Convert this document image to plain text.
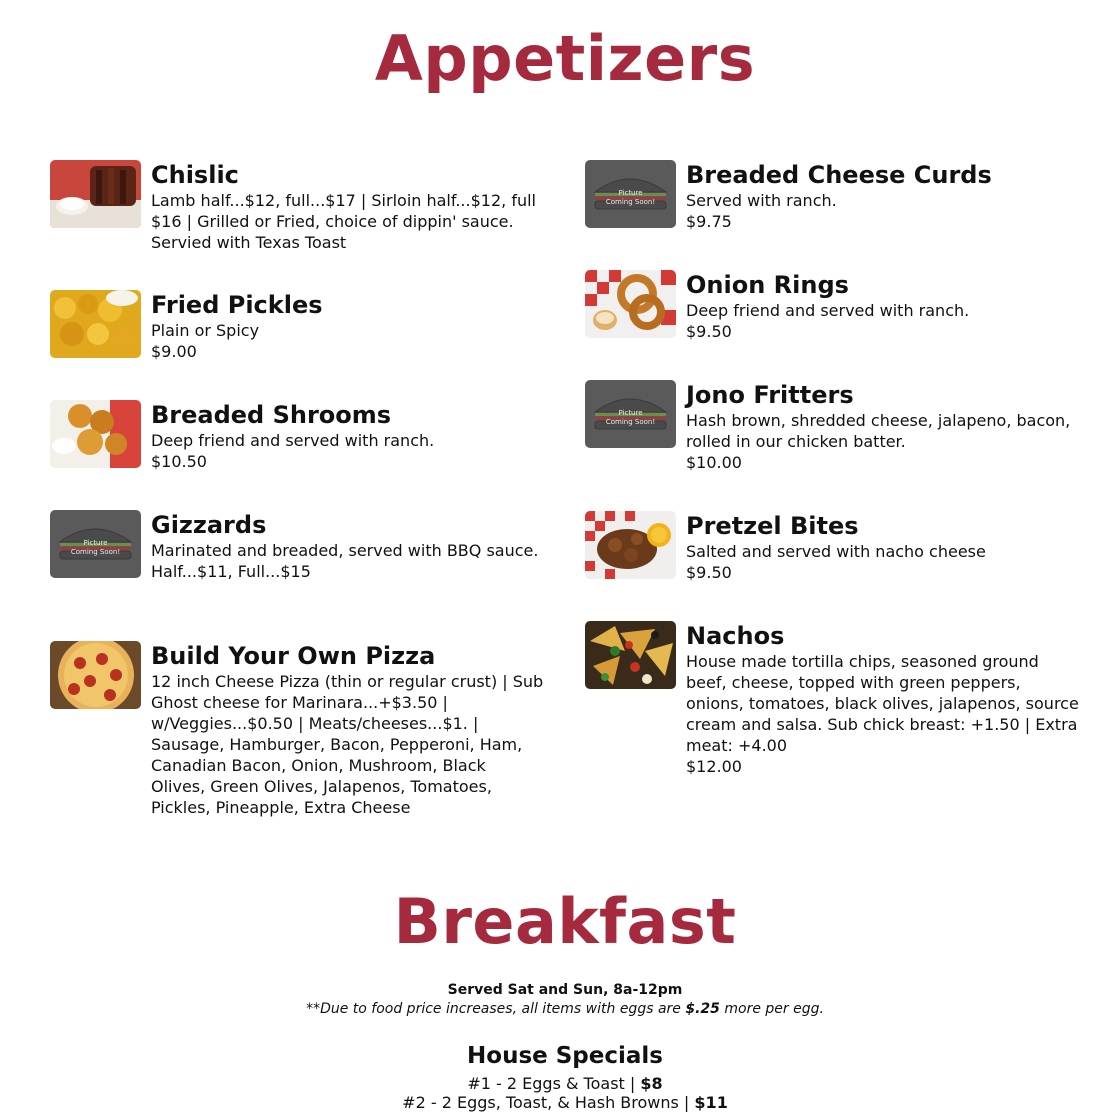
Appetizers

Chislic

Lamb half...$12, full...$17 | Sirloin half...$12, full $16 | Grilled or Fried, choice of dippin' sauce. Servied with Texas Toast

Fried Pickles

Plain or Spicy

$9.00

Breaded Shrooms

Deep friend and served with ranch.

$10.50

Picture
Coming Soon!

Gizzards

Marinated and breaded, served with BBQ sauce. Half...$11, Full...$15

Build Your Own Pizza

12 inch Cheese Pizza (thin or regular crust) | Sub Ghost cheese for Marinara...+$3.50 | w/Veggies...$0.50 | Meats/cheeses...$1. | Sausage, Hamburger, Bacon, Pepperoni, Ham, Canadian Bacon, Onion, Mushroom, Black Olives, Green Olives, Jalapenos, Tomatoes, Pickles, Pineapple, Extra Cheese

Picture
Coming Soon!

Breaded Cheese Curds

Served with ranch.

$9.75

Onion Rings

Deep friend and served with ranch.

$9.50

Picture
Coming Soon!

Jono Fritters

Hash brown, shredded cheese, jalapeno, bacon, rolled in our chicken batter.

$10.00

Pretzel Bites

Salted and served with nacho cheese

$9.50

Nachos

House made tortilla chips, seasoned ground beef, cheese, topped with green peppers, onions, tomatoes, black olives, jalapenos, source cream and salsa. Sub chick breast: +1.50 | Extra meat: +4.00

$12.00

Breakfast
Served Sat and Sun, 8a-12pm
**Due to food price increases, all items with eggs are $.25 more per egg.
House Specials
#1 - 2 Eggs & Toast | $8
#2 - 2 Eggs, Toast, & Hash Browns | $11
